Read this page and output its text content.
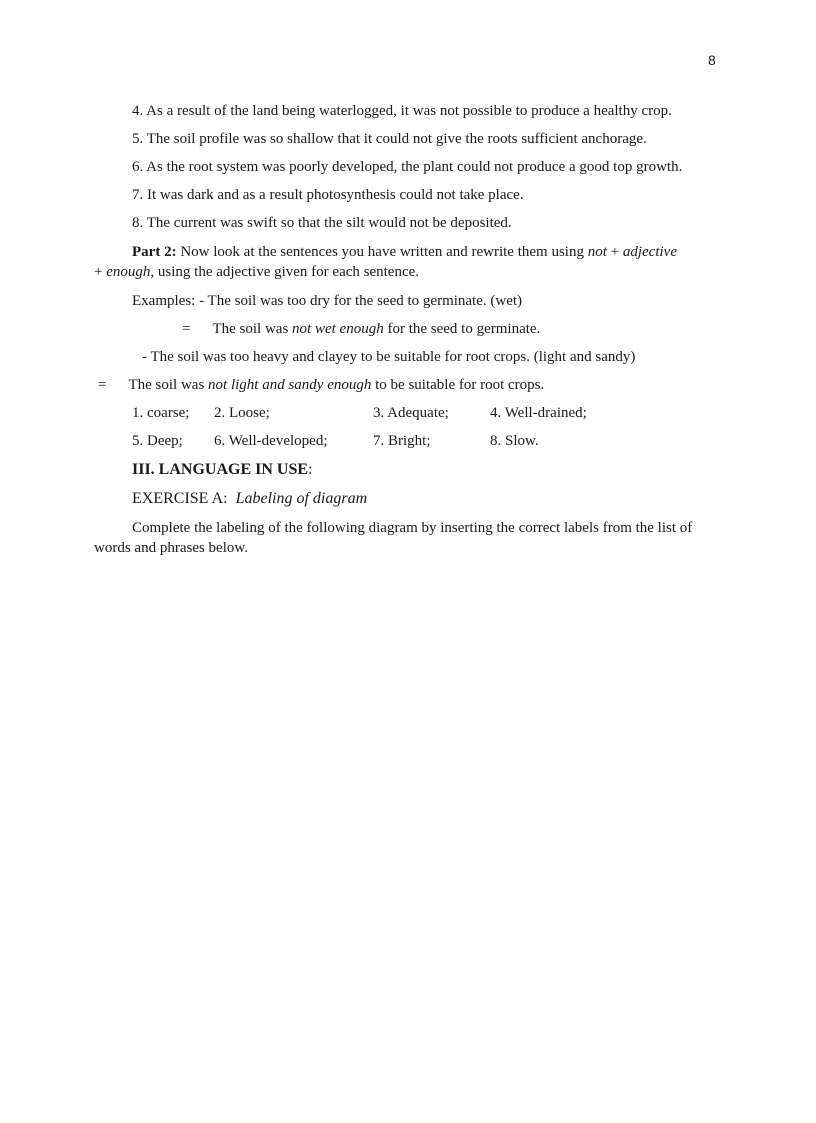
8
4. As a result of the land being waterlogged, it was not possible to produce a healthy crop.
5. The soil profile was so shallow that it could not give the roots sufficient anchorage.
6. As the root system was poorly developed, the plant could not produce a good top growth.
7. It was dark and as a result photosynthesis could not take place.
8. The current was swift so that the silt would not be deposited.
Part 2: Now look at the sentences you have written and rewrite them using not + adjective
+ enough, using the adjective given for each sentence.
Examples: - The soil was too dry for the seed to germinate. (wet)
= The soil was not wet enough for the seed to germinate.
- The soil was too heavy and clayey to be suitable for root crops. (light and sandy)
= The soil was not light and sandy enough to be suitable for root crops.
1. coarse; 2. Loose;	3. Adequate;	4. Well-drained;
5. Deep; 6. Well-developed;	7. Bright;	8. Slow.
III. LANGUAGE IN USE:
EXERCISE A: Labeling of diagram
Complete the labeling of the following diagram by inserting the correct labels from the list of words and phrases below.
